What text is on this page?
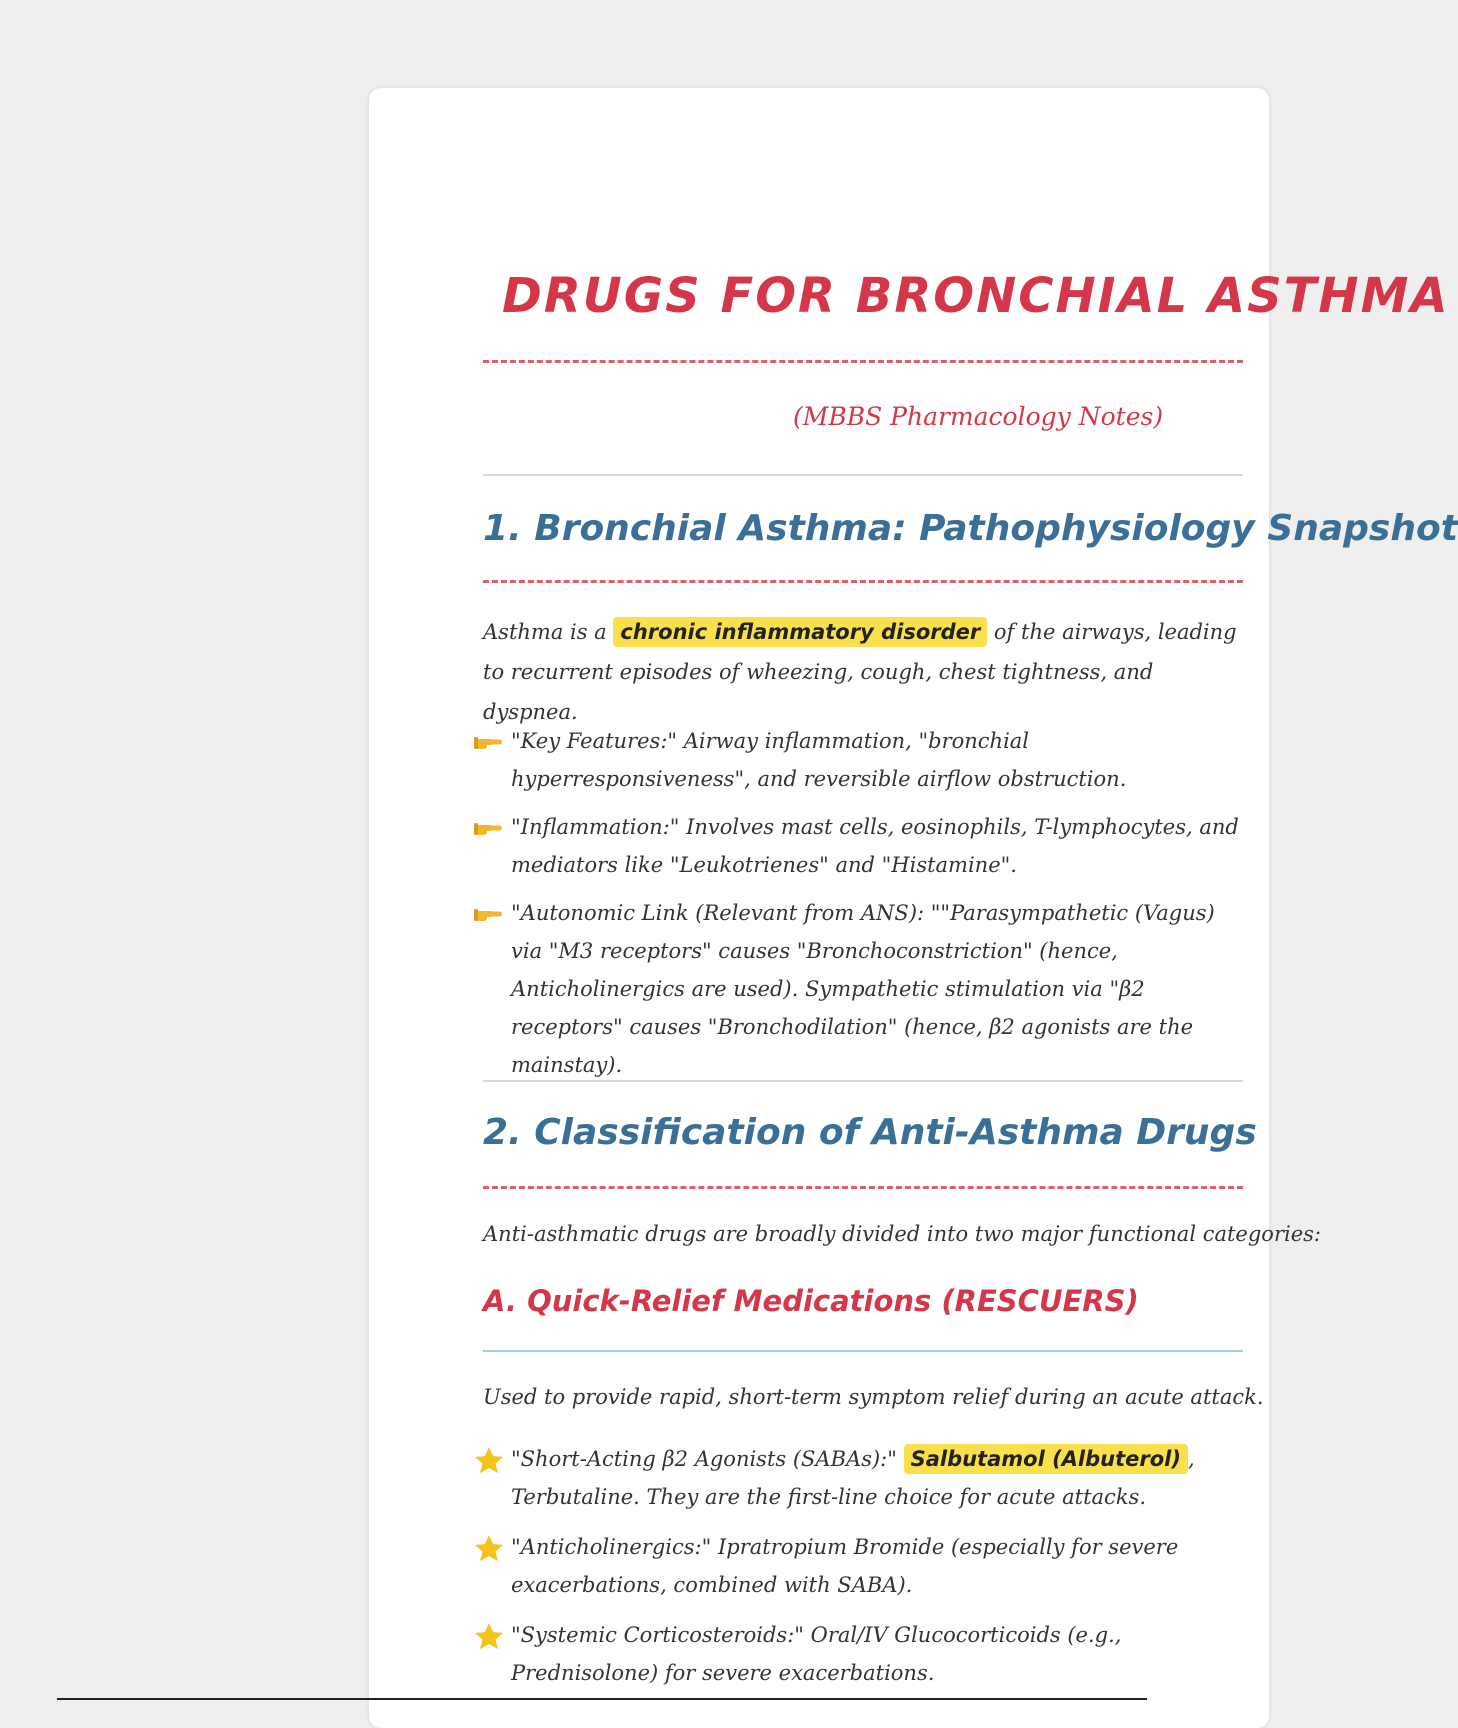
DRUGS FOR BRONCHIAL ASTHMA
(MBBS Pharmacology Notes)
1. Bronchial Asthma: Pathophysiology Snapshot

Asthma is a chronic inflammatory disorder of the airways, leading to recurrent episodes of wheezing, cough, chest tightness, and dyspnea.

"Key Features:" Airway inflammation, "bronchial hyperresponsiveness", and reversible airflow obstruction.

"Inflammation:" Involves mast cells, eosinophils, T-lymphocytes, and mediators like "Leukotrienes" and "Histamine".

"Autonomic Link (Relevant from ANS): ""Parasympathetic (Vagus) via "M3 receptors" causes "Bronchoconstriction" (hence, Anticholinergics are used). Sympathetic stimulation via "β2 receptors" causes "Bronchodilation" (hence, β2 agonists are the mainstay).

2. Classification of Anti-Asthma Drugs

Anti-asthmatic drugs are broadly divided into two major functional categories:

A. Quick-Relief Medications (RESCUERS)

Used to provide rapid, short-term symptom relief during an acute attack.

"Short-Acting β2 Agonists (SABAs):" Salbutamol (Albuterol) , Terbutaline. They are the first-line choice for acute attacks.

"Anticholinergics:" Ipratropium Bromide (especially for severe exacerbations, combined with SABA).

"Systemic Corticosteroids:" Oral/IV Glucocorticoids (e.g., Prednisolone) for severe exacerbations.
